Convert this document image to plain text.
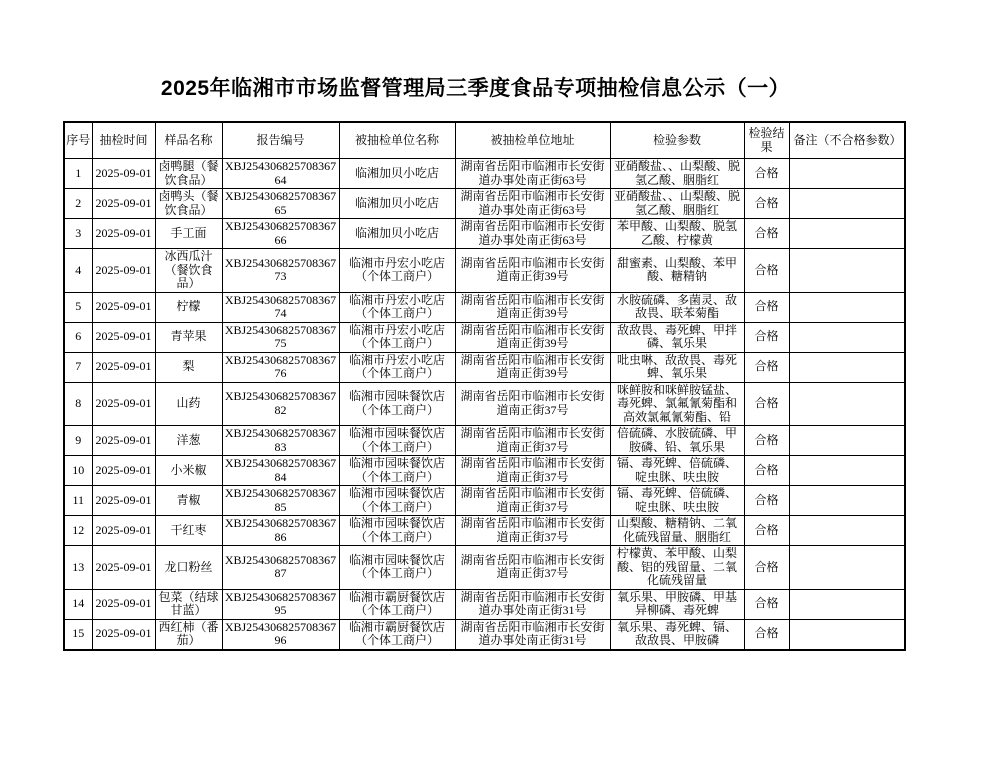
2025年临湘市市场监督管理局三季度食品专项抽检信息公示（一）
序号	抽检时间	样品名称	报告编号	被抽检单位名称	被抽检单位地址	检验参数	检验结果	备注（不合格参数）
1	2025-09-01	卤鸭腿（餐饮食品）	XBJ25430682570836764	临湘加贝小吃店	湖南省岳阳市临湘市长安街道办事处南正街63号	亚硝酸盐、、山梨酸、脱氢乙酸、胭脂红	合格	
2	2025-09-01	卤鸭头（餐饮食品）	XBJ25430682570836765	临湘加贝小吃店	湖南省岳阳市临湘市长安街道办事处南正街63号	亚硝酸盐、、山梨酸、脱氢乙酸、胭脂红	合格	
3	2025-09-01	手工面	XBJ25430682570836766	临湘加贝小吃店	湖南省岳阳市临湘市长安街道办事处南正街63号	苯甲酸、山梨酸、脱氢乙酸、柠檬黄	合格	
4	2025-09-01	冰西瓜汁（餐饮食品）	XBJ25430682570836773	临湘市丹宏小吃店（个体工商户）	湖南省岳阳市临湘市长安街道南正街39号	甜蜜素、山梨酸、苯甲酸、糖精钠	合格	
5	2025-09-01	柠檬	XBJ25430682570836774	临湘市丹宏小吃店（个体工商户）	湖南省岳阳市临湘市长安街道南正街39号	水胺硫磷、多菌灵、敌敌畏、联苯菊酯	合格	
6	2025-09-01	青苹果	XBJ25430682570836775	临湘市丹宏小吃店（个体工商户）	湖南省岳阳市临湘市长安街道南正街39号	敌敌畏、毒死蜱、甲拌磷、氧乐果	合格	
7	2025-09-01	梨	XBJ25430682570836776	临湘市丹宏小吃店（个体工商户）	湖南省岳阳市临湘市长安街道南正街39号	吡虫啉、敌敌畏、毒死蜱、氧乐果	合格	
8	2025-09-01	山药	XBJ25430682570836782	临湘市园味餐饮店（个体工商户）	湖南省岳阳市临湘市长安街道南正街37号	咪鲜胺和咪鲜胺锰盐、毒死蜱、氯氟氰菊酯和高效氯氟氰菊酯、铅	合格	
9	2025-09-01	洋葱	XBJ25430682570836783	临湘市园味餐饮店（个体工商户）	湖南省岳阳市临湘市长安街道南正街37号	倍硫磷、水胺硫磷、甲胺磷、铅、氧乐果	合格	
10	2025-09-01	小米椒	XBJ25430682570836784	临湘市园味餐饮店（个体工商户）	湖南省岳阳市临湘市长安街道南正街37号	镉、毒死蜱、倍硫磷、啶虫脒、呋虫胺	合格	
11	2025-09-01	青椒	XBJ25430682570836785	临湘市园味餐饮店（个体工商户）	湖南省岳阳市临湘市长安街道南正街37号	镉、毒死蜱、倍硫磷、啶虫脒、呋虫胺	合格	
12	2025-09-01	干红枣	XBJ25430682570836786	临湘市园味餐饮店（个体工商户）	湖南省岳阳市临湘市长安街道南正街37号	山梨酸、糖精钠、二氧化硫残留量、胭脂红	合格	
13	2025-09-01	龙口粉丝	XBJ25430682570836787	临湘市园味餐饮店（个体工商户）	湖南省岳阳市临湘市长安街道南正街37号	柠檬黄、苯甲酸、山梨酸、铝的残留量、二氧化硫残留量	合格	
14	2025-09-01	包菜（结球甘蓝）	XBJ25430682570836795	临湘市霸厨餐饮店（个体工商户）	湖南省岳阳市临湘市长安街道办事处南正街31号	氧乐果、甲胺磷、甲基异柳磷、毒死蜱	合格	
15	2025-09-01	西红柿（番茄）	XBJ25430682570836796	临湘市霸厨餐饮店（个体工商户）	湖南省岳阳市临湘市长安街道办事处南正街31号	氧乐果、毒死蜱、镉、敌敌畏、甲胺磷	合格	
